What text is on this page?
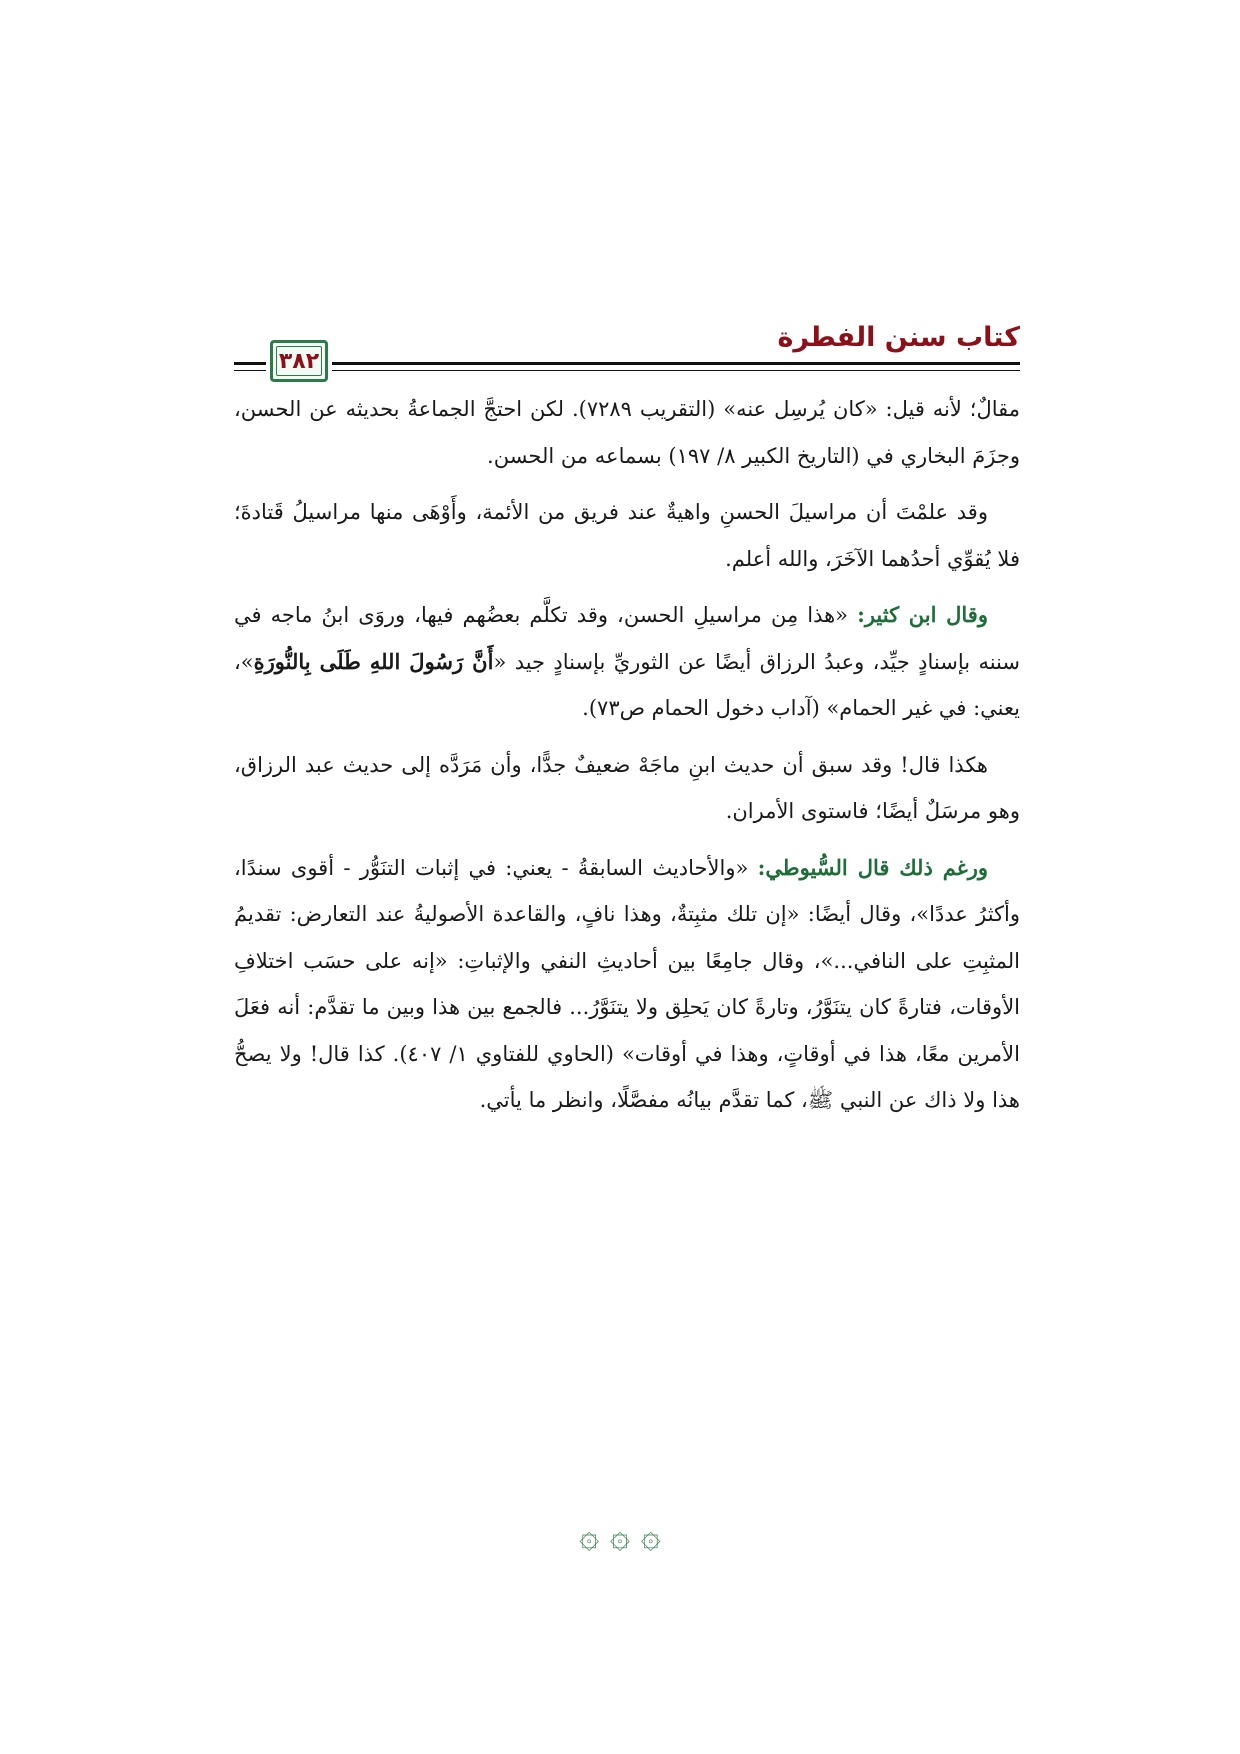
كتاب سنن الفطرة
٣٨٢

مقالٌ؛ لأنه قيل: «كان يُرسِل عنه» (التقريب ٧٢٨٩). لكن احتجَّ الجماعةُ بحديثه عن الحسن، وجزَمَ البخاري في (التاريخ الكبير ٨/ ١٩٧) بسماعه من الحسن.

وقد علمْتَ أن مراسيلَ الحسنِ واهيةٌ عند فريق من الأئمة، وأَوْهَى منها مراسيلُ قَتادةَ؛ فلا يُقوِّي أحدُهما الآخَرَ، والله أعلم.

وقال ابن كثير: «هذا مِن مراسيلِ الحسن، وقد تكلَّم بعضُهم فيها، وروَى ابنُ ماجه في سننه بإسنادٍ جيِّد، وعبدُ الرزاق أيضًا عن الثوريِّ بإسنادٍ جيد «أَنَّ رَسُولَ اللهِ طَلَى بِالنُّورَةِ»، يعني: في غير الحمام» (آداب دخول الحمام ص٧٣).

هكذا قال! وقد سبق أن حديث ابنِ ماجَهْ ضعيفٌ جدًّا، وأن مَرَدَّه إلى حديث عبد الرزاق، وهو مرسَلٌ أيضًا؛ فاستوى الأمران.

ورغم ذلك قال السُّيوطي: «والأحاديث السابقةُ - يعني: في إثبات التنَوُّر - أقوى سندًا، وأكثرُ عددًا»، وقال أيضًا: «إن تلك مثبِتةٌ، وهذا نافٍ، والقاعدة الأصوليةُ عند التعارض: تقديمُ المثبِتِ على النافي...»، وقال جامِعًا بين أحاديثِ النفي والإثباتِ: «إنه على حسَب اختلافِ الأوقات، فتارةً كان يتنَوَّرُ، وتارةً كان يَحلِق ولا يتنَوَّرُ... فالجمع بين هذا وبين ما تقدَّم: أنه فعَلَ الأمرين معًا، هذا في أوقاتٍ، وهذا في أوقات» (الحاوي للفتاوي ١/ ٤٠٧). كذا قال! ولا يصحُّ هذا ولا ذاك عن النبي ﷺ، كما تقدَّم بيانُه مفصَّلًا، وانظر ما يأتي.

۞ ۞ ۞
